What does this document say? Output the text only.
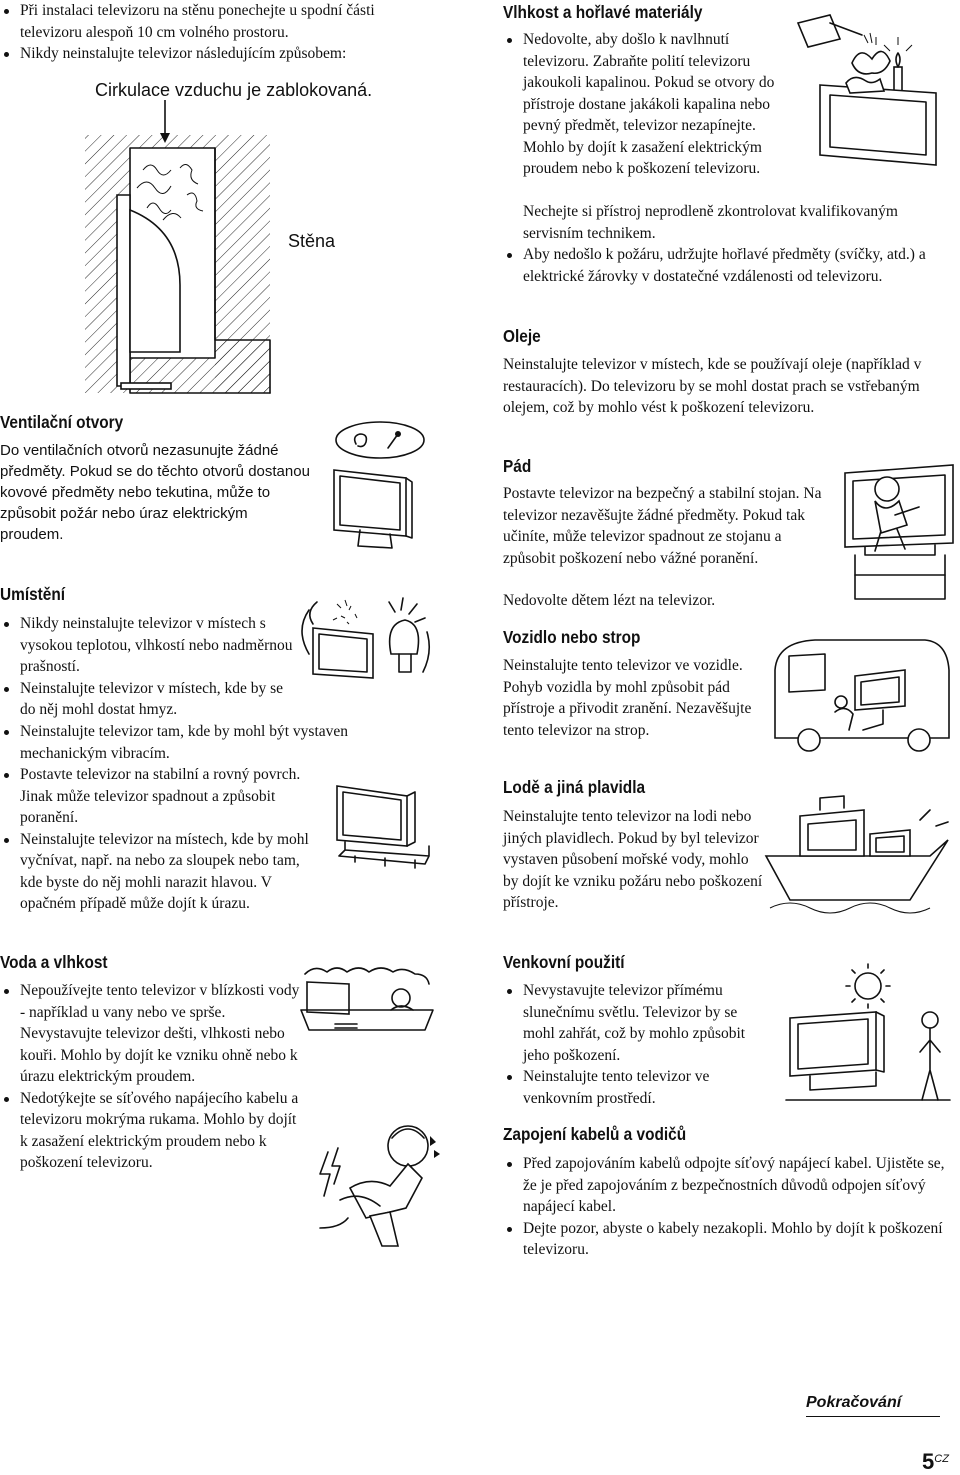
Při instalaci televizoru na stěnu ponechejte u spodní části televizoru alespoň 10 cm volného prostoru.
Nikdy neinstalujte televizor následujícím způsobem:
Cirkulace vzduchu je zablokovaná.
Stěna
Ventilační otvory

Do ventilačních otvorů nezasunujte žádné předměty. Pokud se do těchto otvorů dostanou kovové předměty nebo tekutina, může to způsobit požár nebo úraz elektrickým proudem.

Umístění
Nikdy neinstalujte televizor v místech s vysokou teplotou, vlhkostí nebo nadměrnou prašností.
Neinstalujte televizor v místech, kde by se do něj mohl dostat hmyz.
Neinstalujte televizor tam, kde by mohl být vystaven mechanickým vibracím.
Postavte televizor na stabilní a rovný povrch. Jinak může televizor spadnout a způsobit poranění.
Neinstalujte televizor na místech, kde by mohl vyčnívat, např. na nebo za sloupek nebo tam, kde byste do něj mohli narazit hlavou. V opačném případě může dojít k úrazu.
Voda a vlhkost
Nepoužívejte tento televizor v blízkosti vody - například u vany nebo ve sprše. Nevystavujte televizor dešti, vlhkosti nebo kouři. Mohlo by dojít ke vzniku ohně nebo k úrazu elektrickým proudem.
Nedotýkejte se síťového napájecího kabelu a televizoru mokrýma rukama. Mohlo by dojít k zasažení elektrickým proudem nebo k poškození televizoru.
Vlhkost a hořlavé materiály
Nedovolte, aby došlo k navlhnutí televizoru. Zabraňte polití televizoru jakoukoli kapalinou. Pokud se otvory do přístroje dostane jakákoli kapalina nebo pevný předmět, televizor nezapínejte. Mohlo by dojít k zasažení elektrickým proudem nebo k poškození televizoru.
Nechejte si přístroj neprodleně zkontrolovat kvalifikovaným servisním technikem.
Aby nedošlo k požáru, udržujte hořlavé předměty (svíčky, atd.) a elektrické žárovky v dostatečné vzdálenosti od televizoru.
Oleje

Neinstalujte televizor v místech, kde se používají oleje (například v restauracích). Do televizoru by se mohl dostat prach se vstřebaným olejem, což by mohlo vést k poškození televizoru.

Pád

Postavte televizor na bezpečný a stabilní stojan. Na televizor nezavěšujte žádné předměty. Pokud tak učiníte, může televizor spadnout ze stojanu a způsobit poškození nebo vážné poranění.

Nedovolte dětem lézt na televizor.

Vozidlo nebo strop

Neinstalujte tento televizor ve vozidle. Pohyb vozidla by mohl způsobit pád přístroje a přivodit zranění. Nezavěšujte tento televizor na strop.

Lodě a jiná plavidla

Neinstalujte tento televizor na lodi nebo jiných plavidlech. Pokud by byl televizor vystaven působení mořské vody, mohlo by dojít ke vzniku požáru nebo poškození přístroje.

Venkovní použití
Nevystavujte televizor přímému slunečnímu světlu. Televizor by se mohl zahřát, což by mohlo způsobit jeho poškození.
Neinstalujte tento televizor ve venkovním prostředí.
Zapojení kabelů a vodičů
Před zapojováním kabelů odpojte síťový napájecí kabel. Ujistěte se, že je před zapojováním z bezpečnostních důvodů odpojen síťový napájecí kabel.
Dejte pozor, abyste o kabely nezakopli. Mohlo by dojít k poškození televizoru.
Pokračování
$5^{CZ}$
